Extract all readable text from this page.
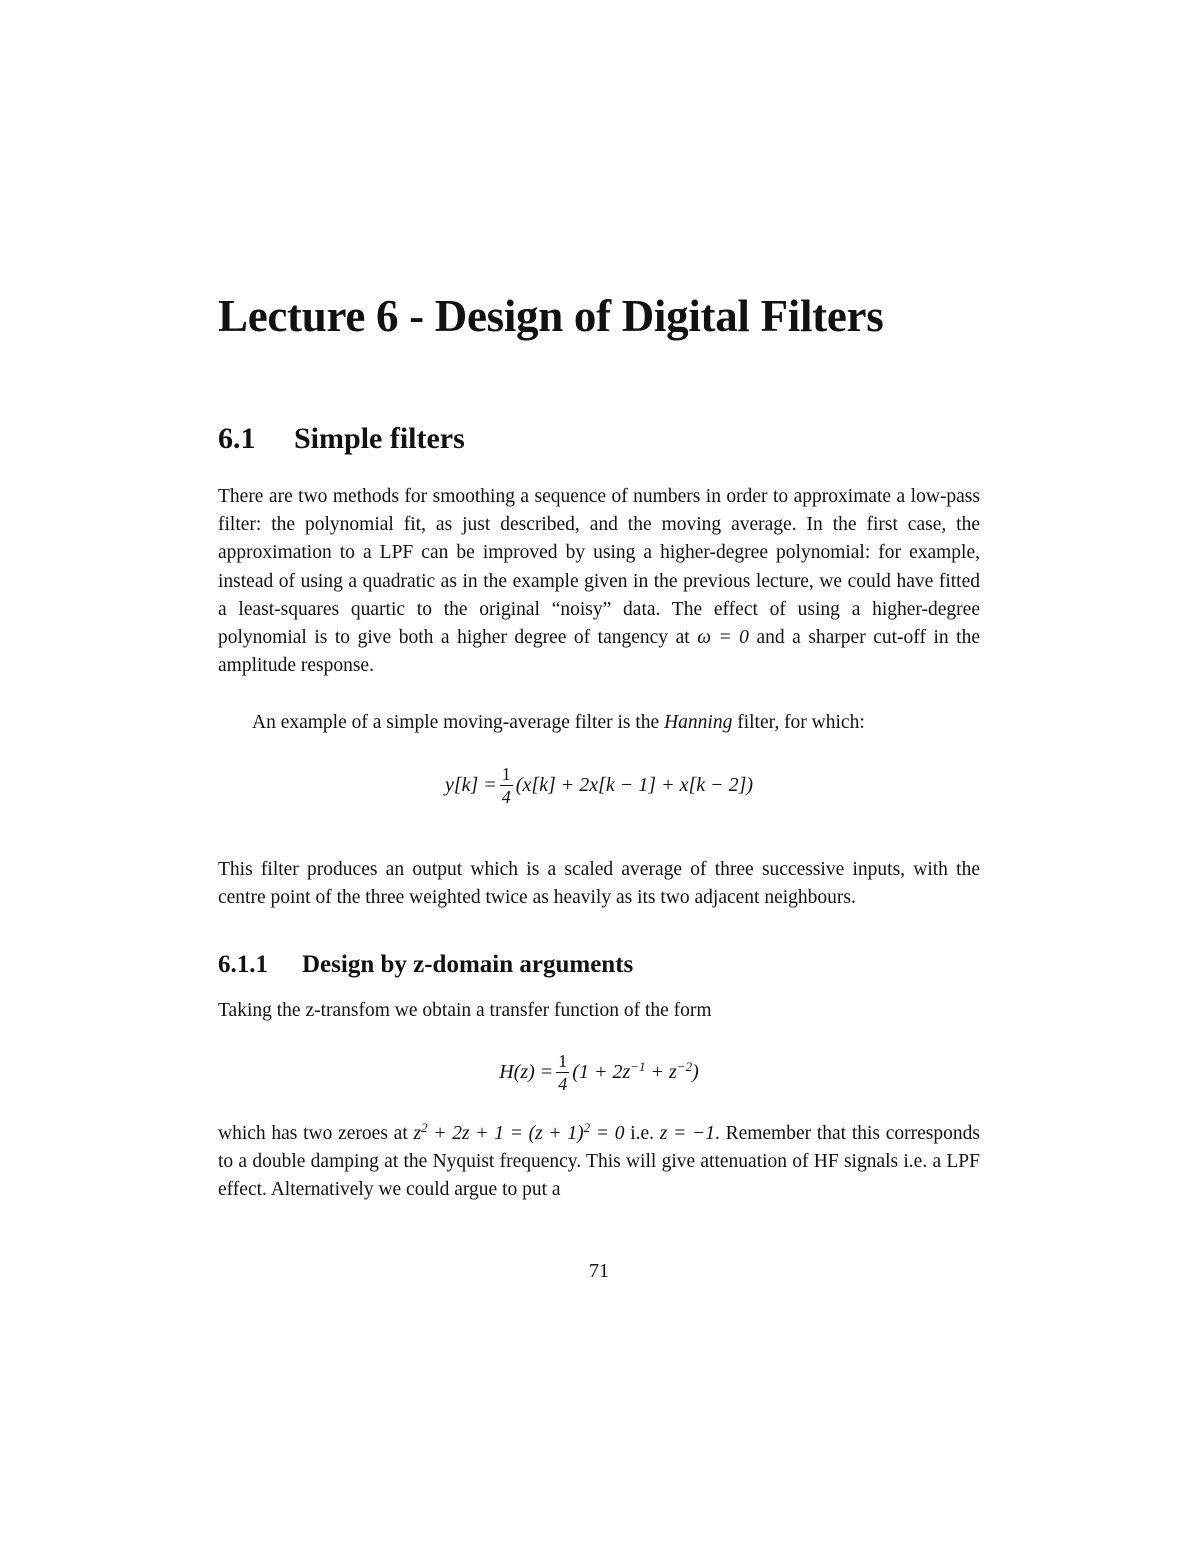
Lecture 6 - Design of Digital Filters
6.1 Simple filters

There are two methods for smoothing a sequence of numbers in order to approximate a low-pass filter: the polynomial fit, as just described, and the moving average. In the first case, the approximation to a LPF can be improved by using a higher-degree polynomial: for example, instead of using a quadratic as in the example given in the previous lecture, we could have fitted a least-squares quartic to the original “noisy” data. The effect of using a higher-degree polynomial is to give both a higher degree of tangency at ω = 0 and a sharper cut-off in the amplitude response.

An example of a simple moving-average filter is the Hanning filter, for which:

$y[k] = \frac{1}{4} (x[k] + 2x[k - 1] + x[k - 2])$

This filter produces an output which is a scaled average of three successive inputs, with the centre point of the three weighted twice as heavily as its two adjacent neighbours.

6.1.1 Design by z-domain arguments

Taking the z-transfom we obtain a transfer function of the form

$H(z) = \frac{1}{4} (1 + 2z^{-1} + z^{-2})$

which has two zeroes at $z^2 + 2z + 1 = (z + 1)^2 = 0$ i.e. z = −1. Remember that this corresponds to a double damping at the Nyquist frequency. This will give attenuation of HF signals i.e. a LPF effect. Alternatively we could argue to put a

71
